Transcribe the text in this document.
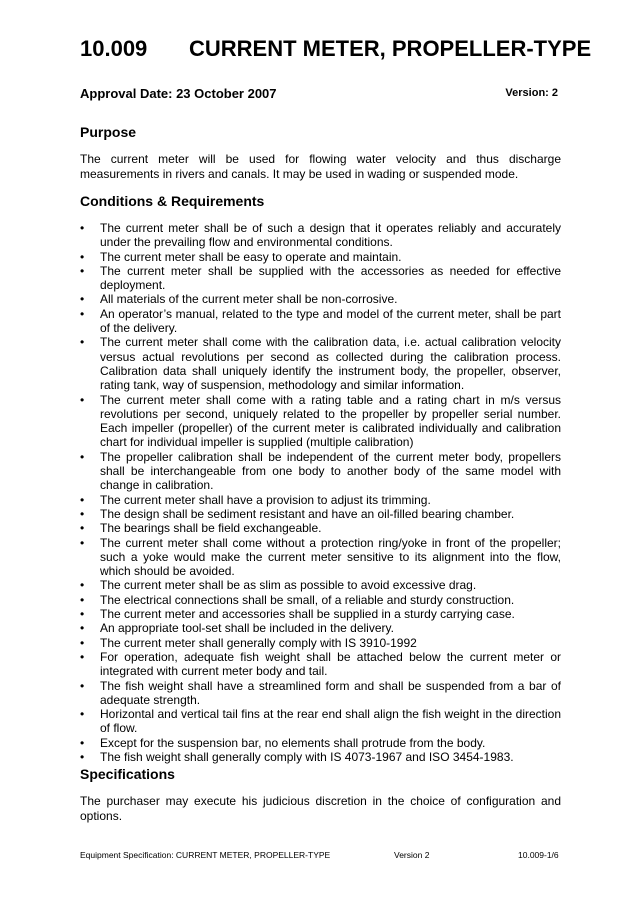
10.009 CURRENT METER, PROPELLER-TYPE
Approval Date: 23 October 2007	Version: 2
Purpose

The current meter will be used for flowing water velocity and thus discharge measurements in rivers and canals. It may be used in wading or suspended mode.

Conditions & Requirements
• The current meter shall be of such a design that it operates reliably and accurately under the prevailing flow and environmental conditions.
• The current meter shall be easy to operate and maintain.
• The current meter shall be supplied with the accessories as needed for effective deployment.
• All materials of the current meter shall be non-corrosive.
• An operator’s manual, related to the type and model of the current meter, shall be part of the delivery.
• The current meter shall come with the calibration data, i.e. actual calibration velocity versus actual revolutions per second as collected during the calibration process. Calibration data shall uniquely identify the instrument body, the propeller, observer, rating tank, way of suspension, methodology and similar information.
• The current meter shall come with a rating table and a rating chart in m/s versus revolutions per second, uniquely related to the propeller by propeller serial number. Each impeller (propeller) of the current meter is calibrated individually and calibration chart for individual impeller is supplied (multiple calibration)
• The propeller calibration shall be independent of the current meter body, propellers shall be interchangeable from one body to another body of the same model with change in calibration.
• The current meter shall have a provision to adjust its trimming.
• The design shall be sediment resistant and have an oil-filled bearing chamber.
• The bearings shall be field exchangeable.
• The current meter shall come without a protection ring/yoke in front of the propeller; such a yoke would make the current meter sensitive to its alignment into the flow, which should be avoided.
• The current meter shall be as slim as possible to avoid excessive drag.
• The electrical connections shall be small, of a reliable and sturdy construction.
• The current meter and accessories shall be supplied in a sturdy carrying case.
• An appropriate tool-set shall be included in the delivery.
• The current meter shall generally comply with IS 3910-1992
• For operation, adequate fish weight shall be attached below the current meter or integrated with current meter body and tail.
• The fish weight shall have a streamlined form and shall be suspended from a bar of adequate strength.
• Horizontal and vertical tail fins at the rear end shall align the fish weight in the direction of flow.
• Except for the suspension bar, no elements shall protrude from the body.
• The fish weight shall generally comply with IS 4073-1967 and ISO 3454-1983.
Specifications

The purchaser may execute his judicious discretion in the choice of configuration and options.

Equipment Specification: CURRENT METER, PROPELLER-TYPE	Version 2	10.009-1/6
